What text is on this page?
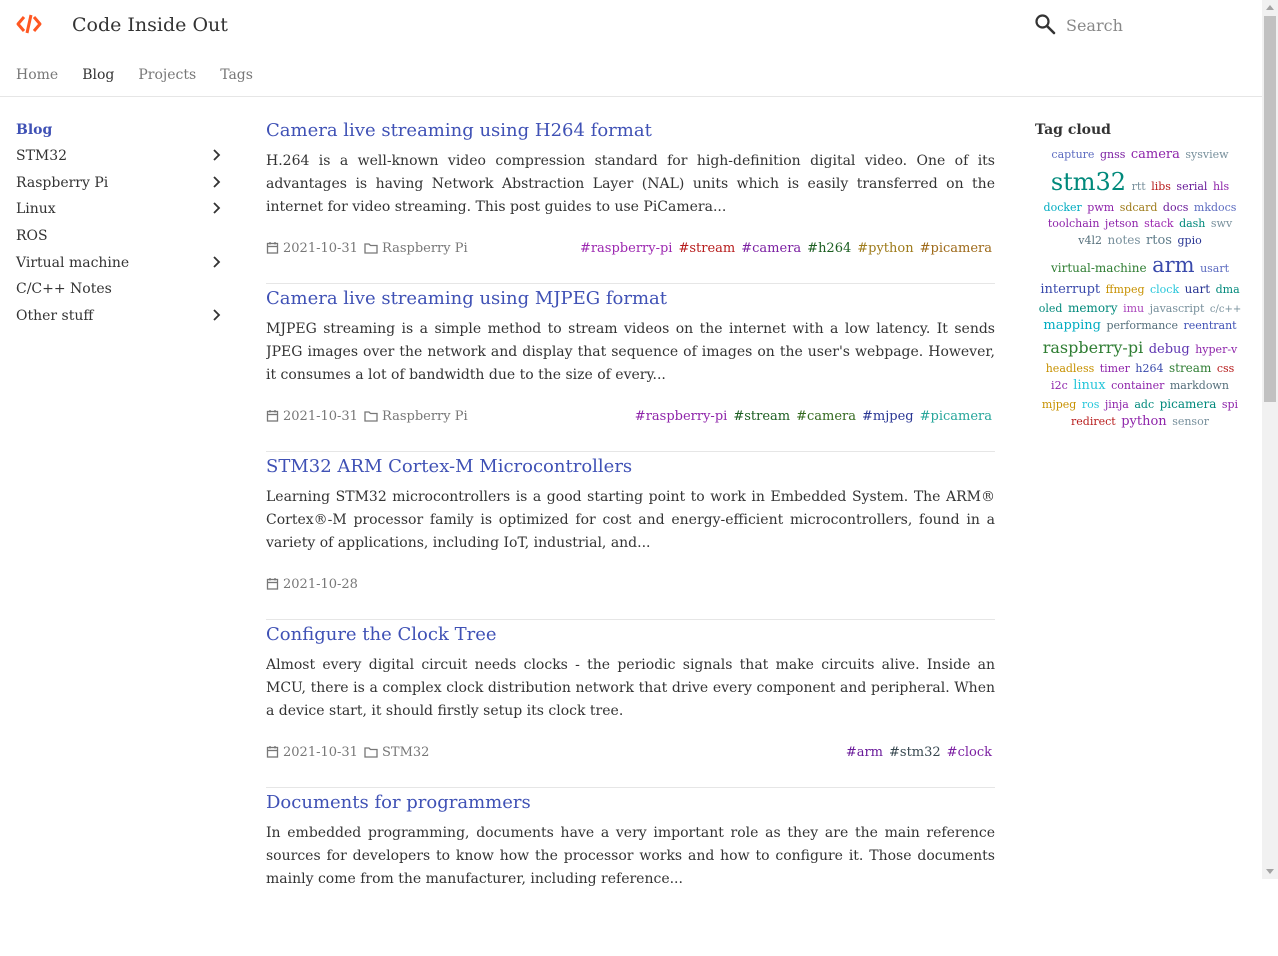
Code Inside Out
Search
Home Blog Projects Tags
Blog
STM32
Raspberry Pi
Linux
ROS
Virtual machine
C/C++ Notes
Other stuff
Camera live streaming using H264 format
H.264 is a well-known video compression standard for high-definition digital video. One of its advantages is having Network Abstraction Layer (NAL) units which is easily transferred on the internet for video streaming. This post guides to use PiCamera...
2021-10-31	Raspberry Pi	#raspberry-pi #stream #camera #h264 #python #picamera
Camera live streaming using MJPEG format
MJPEG streaming is a simple method to stream videos on the internet with a low latency. It sends JPEG images over the network and display that sequence of images on the user's webpage. However, it consumes a lot of bandwidth due to the size of every...
2021-10-31	Raspberry Pi	#raspberry-pi #stream #camera #mjpeg #picamera
STM32 ARM Cortex-M Microcontrollers
Learning STM32 microcontrollers is a good starting point to work in Embedded System. The ARM® Cortex®-M processor family is optimized for cost and energy-efficient microcontrollers, found in a variety of applications, including IoT, industrial, and...
2021-10-28
Configure the Clock Tree
Almost every digital circuit needs clocks - the periodic signals that make circuits alive. Inside an MCU, there is a complex clock distribution network that drive every component and peripheral. When a device start, it should firstly setup its clock tree.
2021-10-31	STM32	#arm #stm32 #clock
Documents for programmers
In embedded programming, documents have a very important role as they are the main reference sources for developers to know how the processor works and how to configure it. Those documents mainly come from the manufacturer, including reference...
Tag cloud
capture gnss camera sysview stm32 rtt libs serial hls docker pwm sdcard docs mkdocs toolchain jetson stack dash swv v4l2 notes rtos gpio virtual-machine arm usart interrupt ffmpeg clock uart dma oled memory imu javascript c/c++ mapping performance reentrant raspberry-pi debug hyper-v headless timer h264 stream css i2c linux container markdown mjpeg ros jinja adc picamera spi redirect python sensor
